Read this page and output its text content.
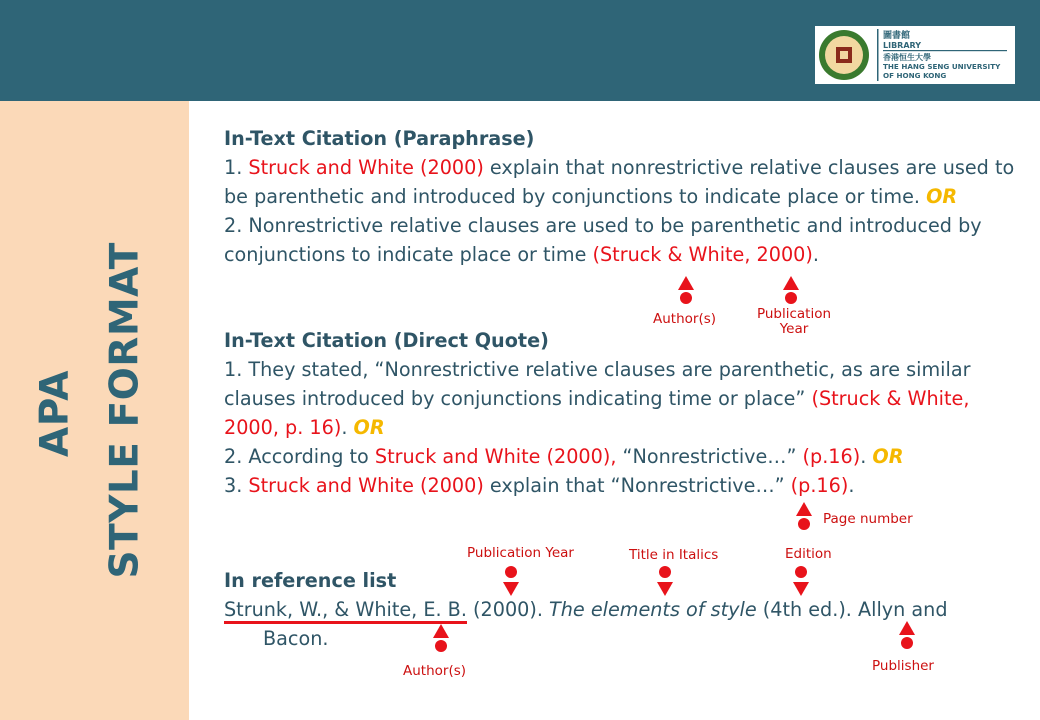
圖書館
LIBRARY
香港恒生大學
THE HANG SENG UNIVERSITY
OF HONG KONG
APA STYLE FORMAT

In-Text Citation (Paraphrase)

1. Struck and White (2000) explain that nonrestrictive relative clauses are used to be parenthetic and introduced by conjunctions to indicate place or time. OR

2. Nonrestrictive relative clauses are used to be parenthetic and introduced by conjunctions to indicate place or time (Struck & White, 2000).

Author(s)	Publication Year

In-Text Citation (Direct Quote)

1. They stated, “Nonrestrictive relative clauses are parenthetic, as are similar clauses introduced by conjunctions indicating time or place” (Struck & White, 2000, p. 16). OR

2. According to Struck and White (2000), “Nonrestrictive…” (p.16). OR

3. Struck and White (2000) explain that “Nonrestrictive…” (p.16).

Page number
Publication Year	Title in Italics	Edition

In reference list

Strunk, W., & White, E. B. (2000). The elements of style (4th ed.). Allyn and

Bacon.

Author(s)	Publisher
